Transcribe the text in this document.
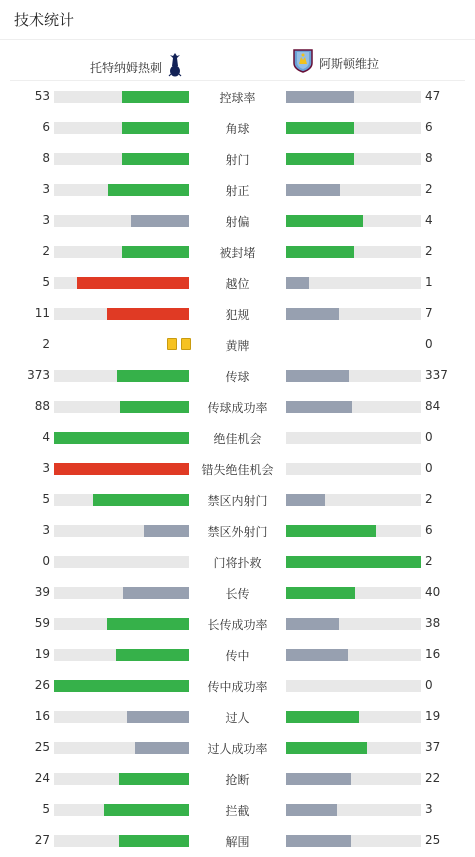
技术统计
托特纳姆热刺	阿斯顿维拉
53	控球率	47
6	角球	6
8	射门	8
3	射正	2
3	射偏	4
2	被封堵	2
5	越位	1
11	犯规	7
2	黄牌	0
373	传球	337
88	传球成功率	84
4	绝佳机会	0
3	错失绝佳机会	0
5	禁区内射门	2
3	禁区外射门	6
0	门将扑救	2
39	长传	40
59	长传成功率	38
19	传中	16
26	传中成功率	0
16	过人	19
25	过人成功率	37
24	抢断	22
5	拦截	3
27	解围	25
